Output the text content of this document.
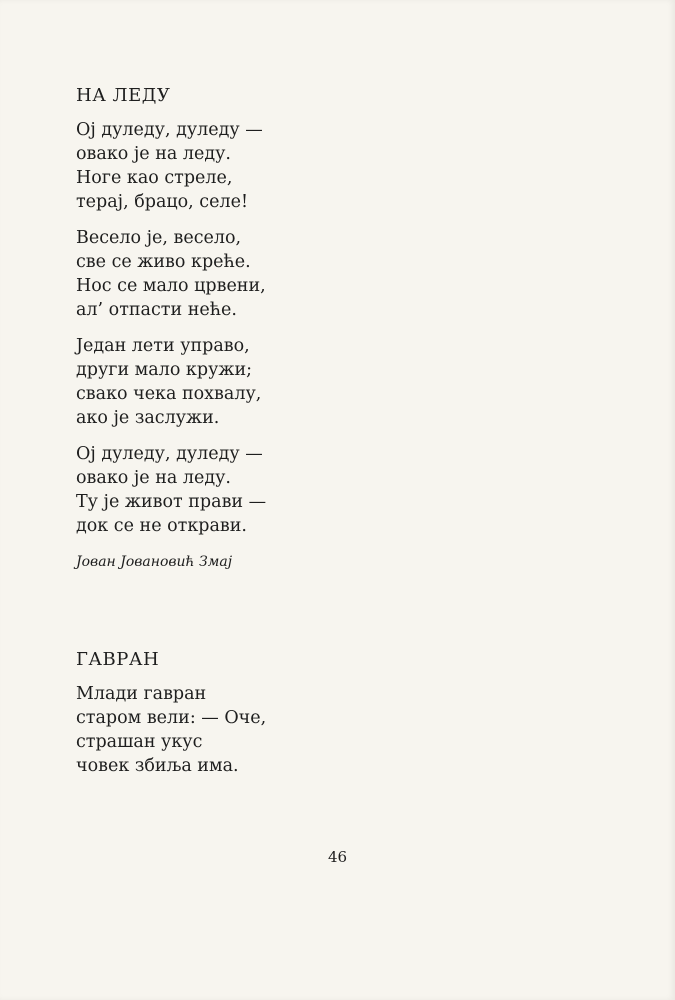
НА ЛЕДУ
Ој дуледу, дуледу —
овако је на леду.
Ноге као стреле,
терај, брацо, селе!
Весело је, весело,
све се живо креће.
Нос се мало црвени,
ал’ отпасти неће.
Један лети управо,
други мало кружи;
свако чека похвалу,
ако је заслужи.
Ој дуледу, дуледу —
овако је на леду.
Ту је живот прави —
док се не открави.
Јован Јовановић Змај
ГАВРАН
Млади гавран
старом вели: — Оче,
страшан укус
човек збиља има.
46
